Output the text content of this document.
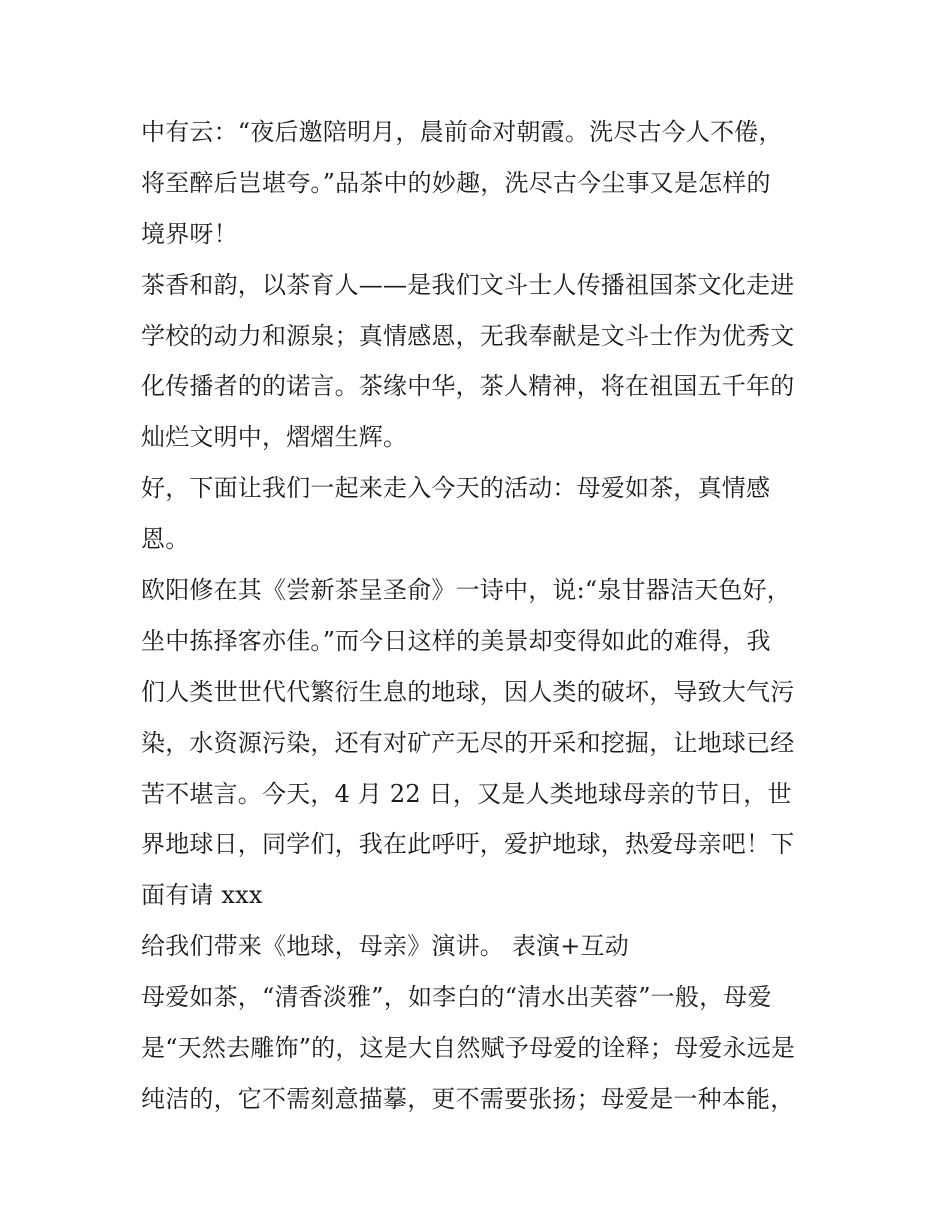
中有云：“夜后邀陪明月，晨前命对朝霞。洗尽古今人不倦，
将至醉后岂堪夸。”品茶中的妙趣，洗尽古今尘事又是怎样的
境界呀！
茶香和韵，以茶育人——是我们文斗士人传播祖国茶文化走进
学校的动力和源泉；真情感恩，无我奉献是文斗士作为优秀文
化传播者的的诺言。茶缘中华，茶人精神，将在祖国五千年的
灿烂文明中，熠熠生辉。
好，下面让我们一起来走入今天的活动：母爱如茶，真情感
恩。
欧阳修在其《尝新茶呈圣俞》一诗中，说:“泉甘器洁天色好，
坐中拣择客亦佳。”而今日这样的美景却变得如此的难得，我
们人类世世代代繁衍生息的地球，因人类的破坏，导致大气污
染，水资源污染，还有对矿产无尽的开采和挖掘，让地球已经
苦不堪言。今天，4 月 22 日，又是人类地球母亲的节日，世
界地球日，同学们，我在此呼吁，爱护地球，热爱母亲吧！下
面有请 xxx
给我们带来《地球，母亲》演讲。 表演+互动
母爱如茶，“清香淡雅”，如李白的“清水出芙蓉”一般，母爱
是“天然去雕饰”的，这是大自然赋予母爱的诠释；母爱永远是
纯洁的，它不需刻意描摹，更不需要张扬；母爱是一种本能，
